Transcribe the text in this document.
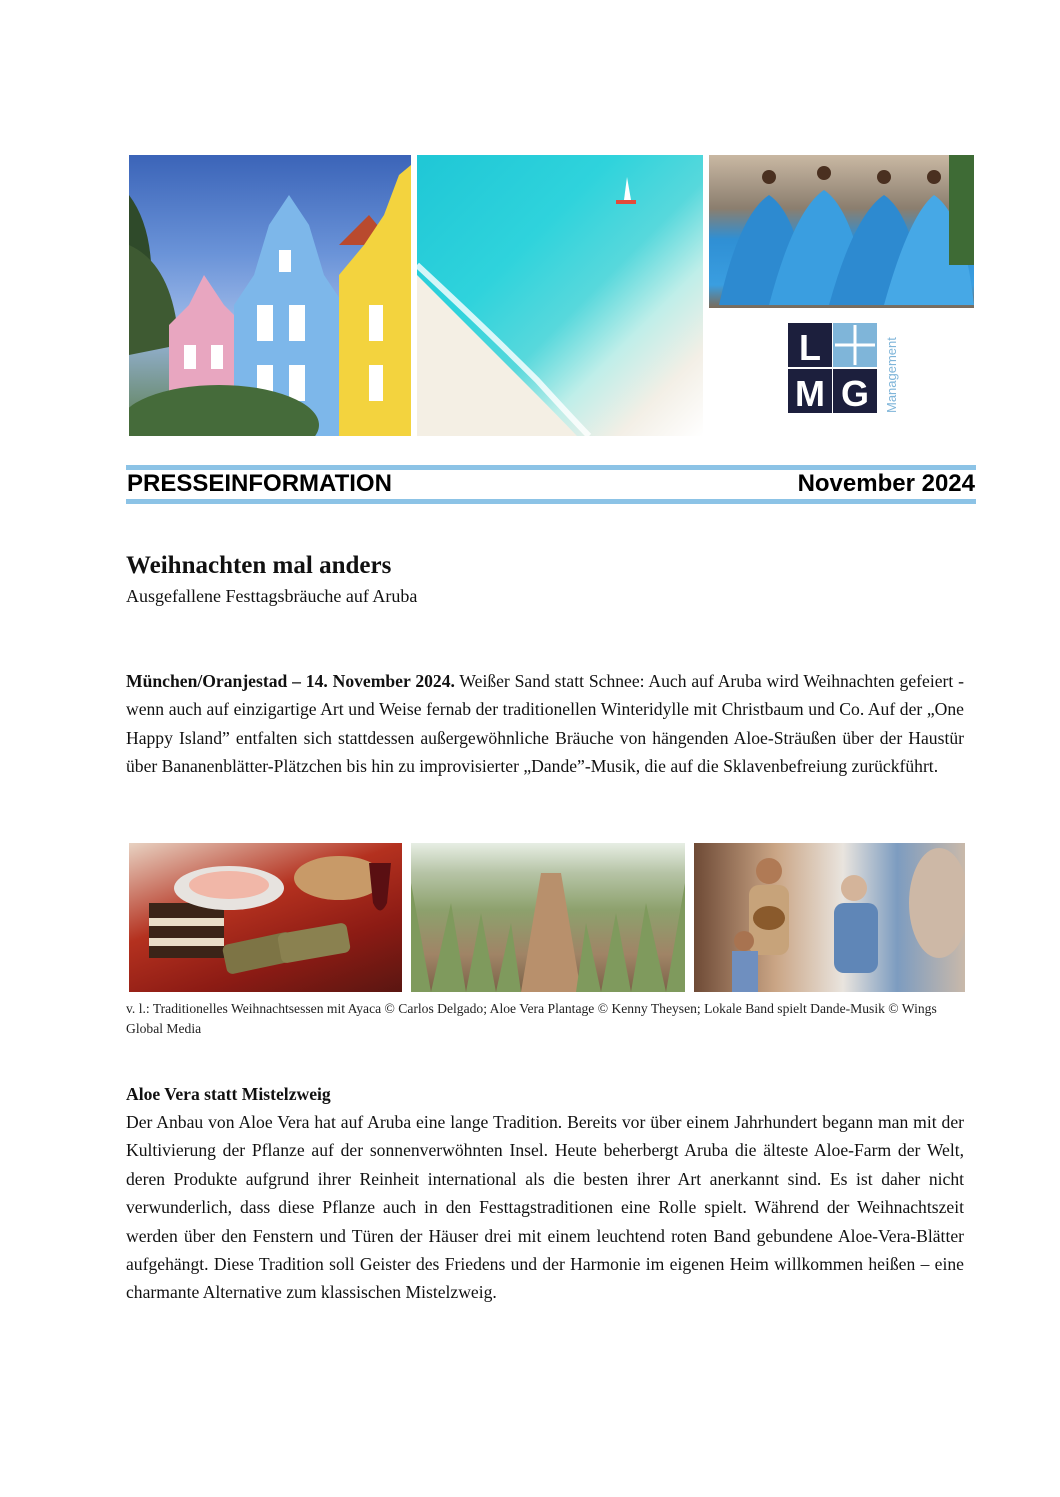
L
M G Management

PRESSEINFORMATION	November 2024

Weihnachten mal anders

Ausgefallene Festtagsbräuche auf Aruba

München/Oranjestad – 14. November 2024. Weißer Sand statt Schnee: Auch auf Aruba wird Weihnachten gefeiert - wenn auch auf einzigartige Art und Weise fernab der traditionellen Winteridylle mit Christbaum und Co. Auf der „One Happy Island” entfalten sich stattdessen außergewöhnliche Bräuche von hängenden Aloe-Sträußen über der Haustür über Bananenblätter-Plätzchen bis hin zu improvisierter „Dande”-Musik, die auf die Sklavenbefreiung zurückführt.

v. l.: Traditionelles Weihnachtsessen mit Ayaca © Carlos Delgado; Aloe Vera Plantage © Kenny Theysen; Lokale Band spielt Dande-Musik © Wings Global Media

Aloe Vera statt Mistelzweig

Der Anbau von Aloe Vera hat auf Aruba eine lange Tradition. Bereits vor über einem Jahrhundert begann man mit der Kultivierung der Pflanze auf der sonnenverwöhnten Insel. Heute beherbergt Aruba die älteste Aloe-Farm der Welt, deren Produkte aufgrund ihrer Reinheit international als die besten ihrer Art anerkannt sind. Es ist daher nicht verwunderlich, dass diese Pflanze auch in den Festtagstraditionen eine Rolle spielt. Während der Weihnachtszeit werden über den Fenstern und Türen der Häuser drei mit einem leuchtend roten Band gebundene Aloe-Vera-Blätter aufgehängt. Diese Tradition soll Geister des Friedens und der Harmonie im eigenen Heim willkommen heißen – eine charmante Alternative zum klassischen Mistelzweig.
